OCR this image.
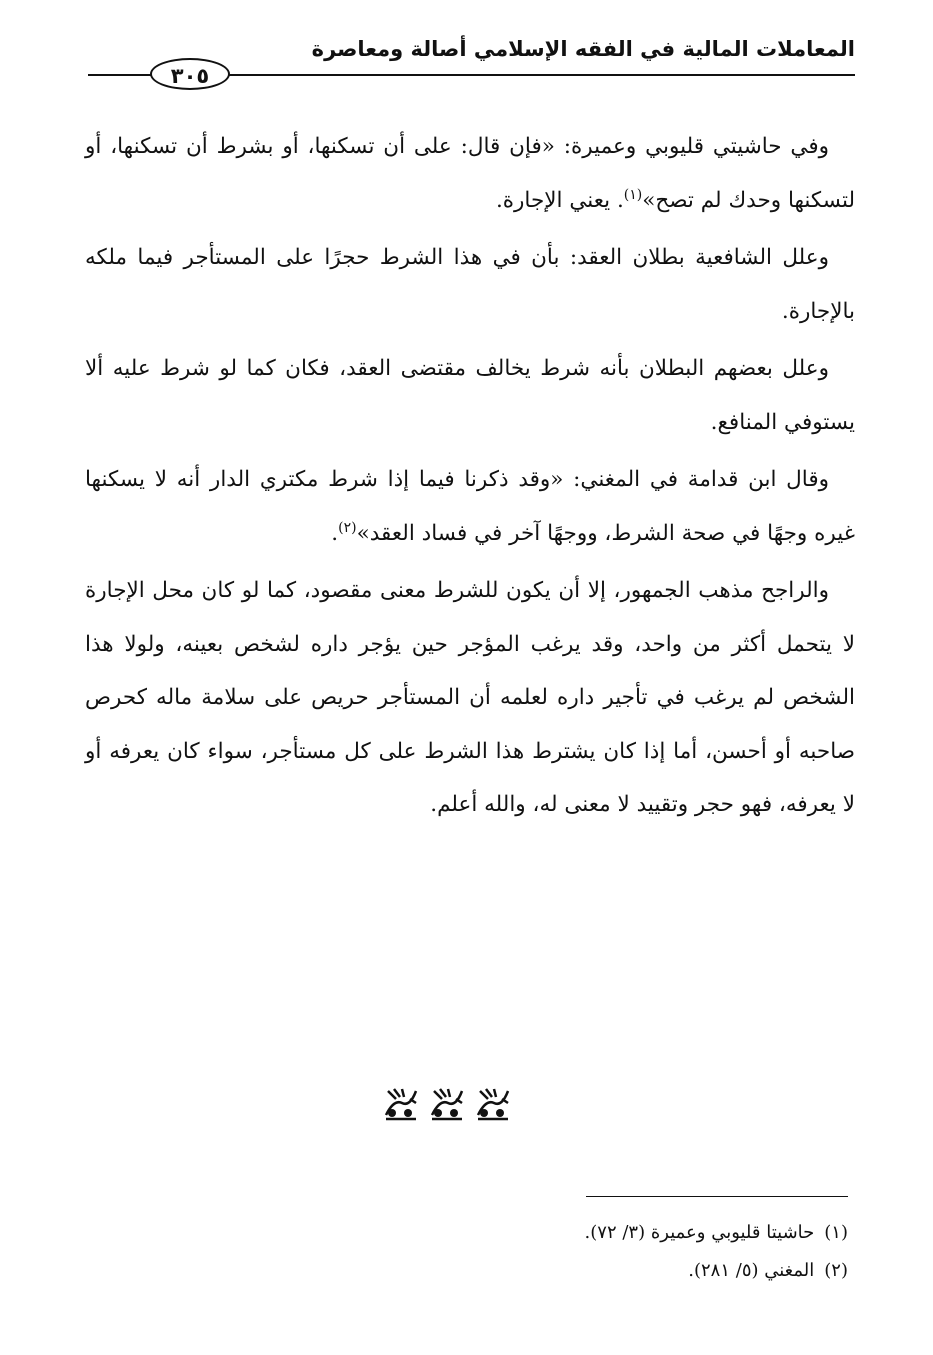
المعاملات المالية في الفقه الإسلامي أصالة ومعاصرة
٣٠٥

وفي حاشيتي قليوبي وعميرة: «فإن قال: على أن تسكنها، أو بشرط أن تسكنها، أو لتسكنها وحدك لم تصح»$^{(١)}$. يعني الإجارة.

وعلل الشافعية بطلان العقد: بأن في هذا الشرط حجرًا على المستأجر فيما ملكه بالإجارة.

وعلل بعضهم البطلان بأنه شرط يخالف مقتضى العقد، فكان كما لو شرط عليه ألا يستوفي المنافع.

وقال ابن قدامة في المغني: «وقد ذكرنا فيما إذا شرط مكتري الدار أنه لا يسكنها غيره وجهًا في صحة الشرط، ووجهًا آخر في فساد العقد»$^{(٢)}$.

والراجح مذهب الجمهور، إلا أن يكون للشرط معنى مقصود، كما لو كان محل الإجارة لا يتحمل أكثر من واحد، وقد يرغب المؤجر حين يؤجر داره لشخص بعينه، ولولا هذا الشخص لم يرغب في تأجير داره لعلمه أن المستأجر حريص على سلامة ماله كحرص صاحبه أو أحسن، أما إذا كان يشترط هذا الشرط على كل مستأجر، سواء كان يعرفه أو لا يعرفه، فهو حجر وتقييد لا معنى له، والله أعلم.

(١)حاشيتا قليوبي وعميرة (٣/ ٧٢).
(٢)المغني (٥/ ٢٨١).
